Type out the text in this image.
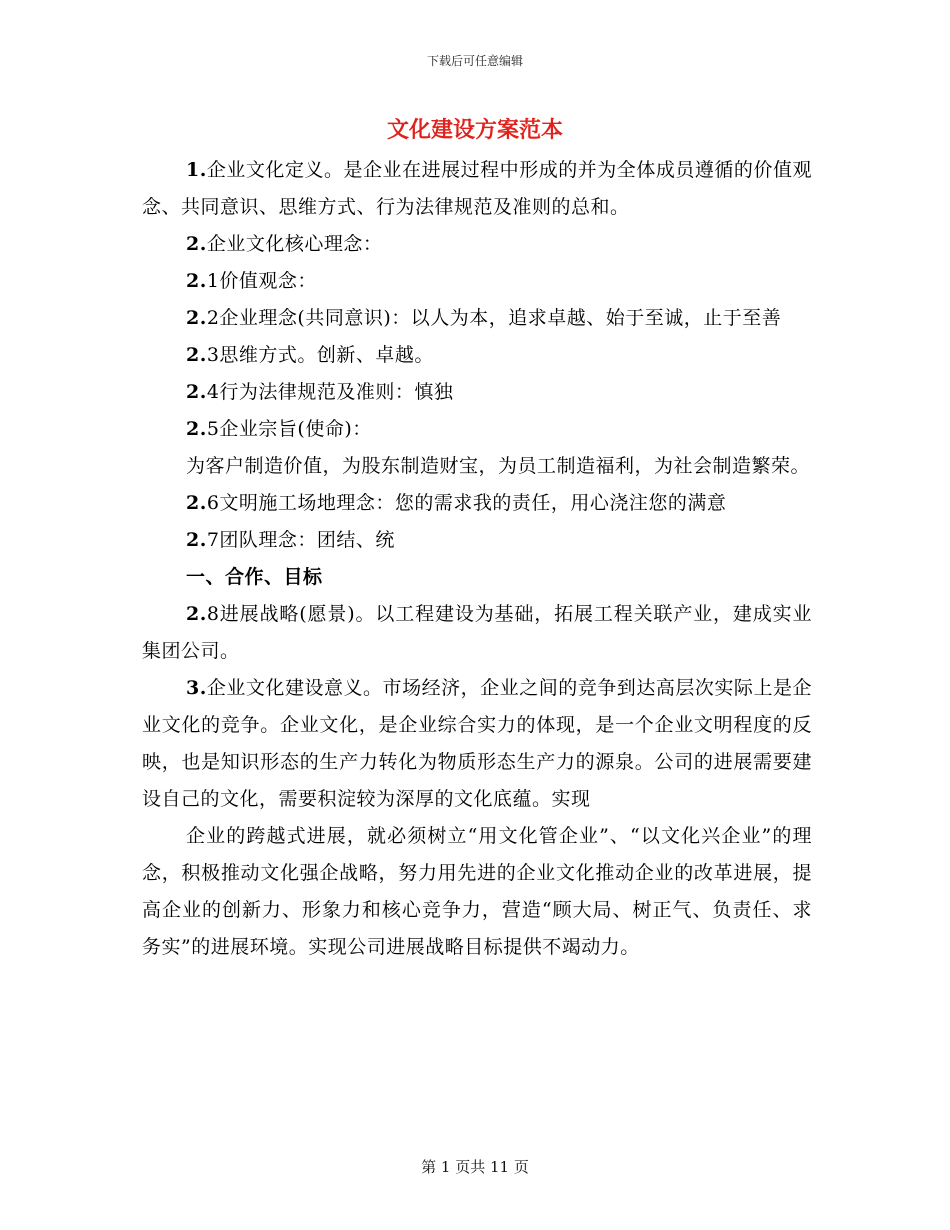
下载后可任意编辑
文化建设方案范本

1.企业文化定义。是企业在进展过程中形成的并为全体成员遵循的价值观念、共同意识、思维方式、行为法律规范及准则的总和。

2.企业文化核心理念：

2.1价值观念：

2.2企业理念(共同意识)：以人为本，追求卓越、始于至诚，止于至善

2.3思维方式。创新、卓越。

2.4行为法律规范及准则：慎独

2.5企业宗旨(使命)：

为客户制造价值，为股东制造财宝，为员工制造福利，为社会制造繁荣。

2.6文明施工场地理念：您的需求我的责任，用心浇注您的满意

2.7团队理念：团结、统

一、合作、目标

2.8进展战略(愿景)。以工程建设为基础，拓展工程关联产业，建成实业集团公司。

3.企业文化建设意义。市场经济，企业之间的竞争到达高层次实际上是企业文化的竞争。企业文化，是企业综合实力的体现，是一个企业文明程度的反映，也是知识形态的生产力转化为物质形态生产力的源泉。公司的进展需要建设自己的文化，需要积淀较为深厚的文化底蕴。实现

企业的跨越式进展，就必须树立“用文化管企业”、“以文化兴企业”的理念，积极推动文化强企战略，努力用先进的企业文化推动企业的改革进展，提高企业的创新力、形象力和核心竞争力，营造“顾大局、树正气、负责任、求务实”的进展环境。实现公司进展战略目标提供不竭动力。

第 1 页共 11 页
